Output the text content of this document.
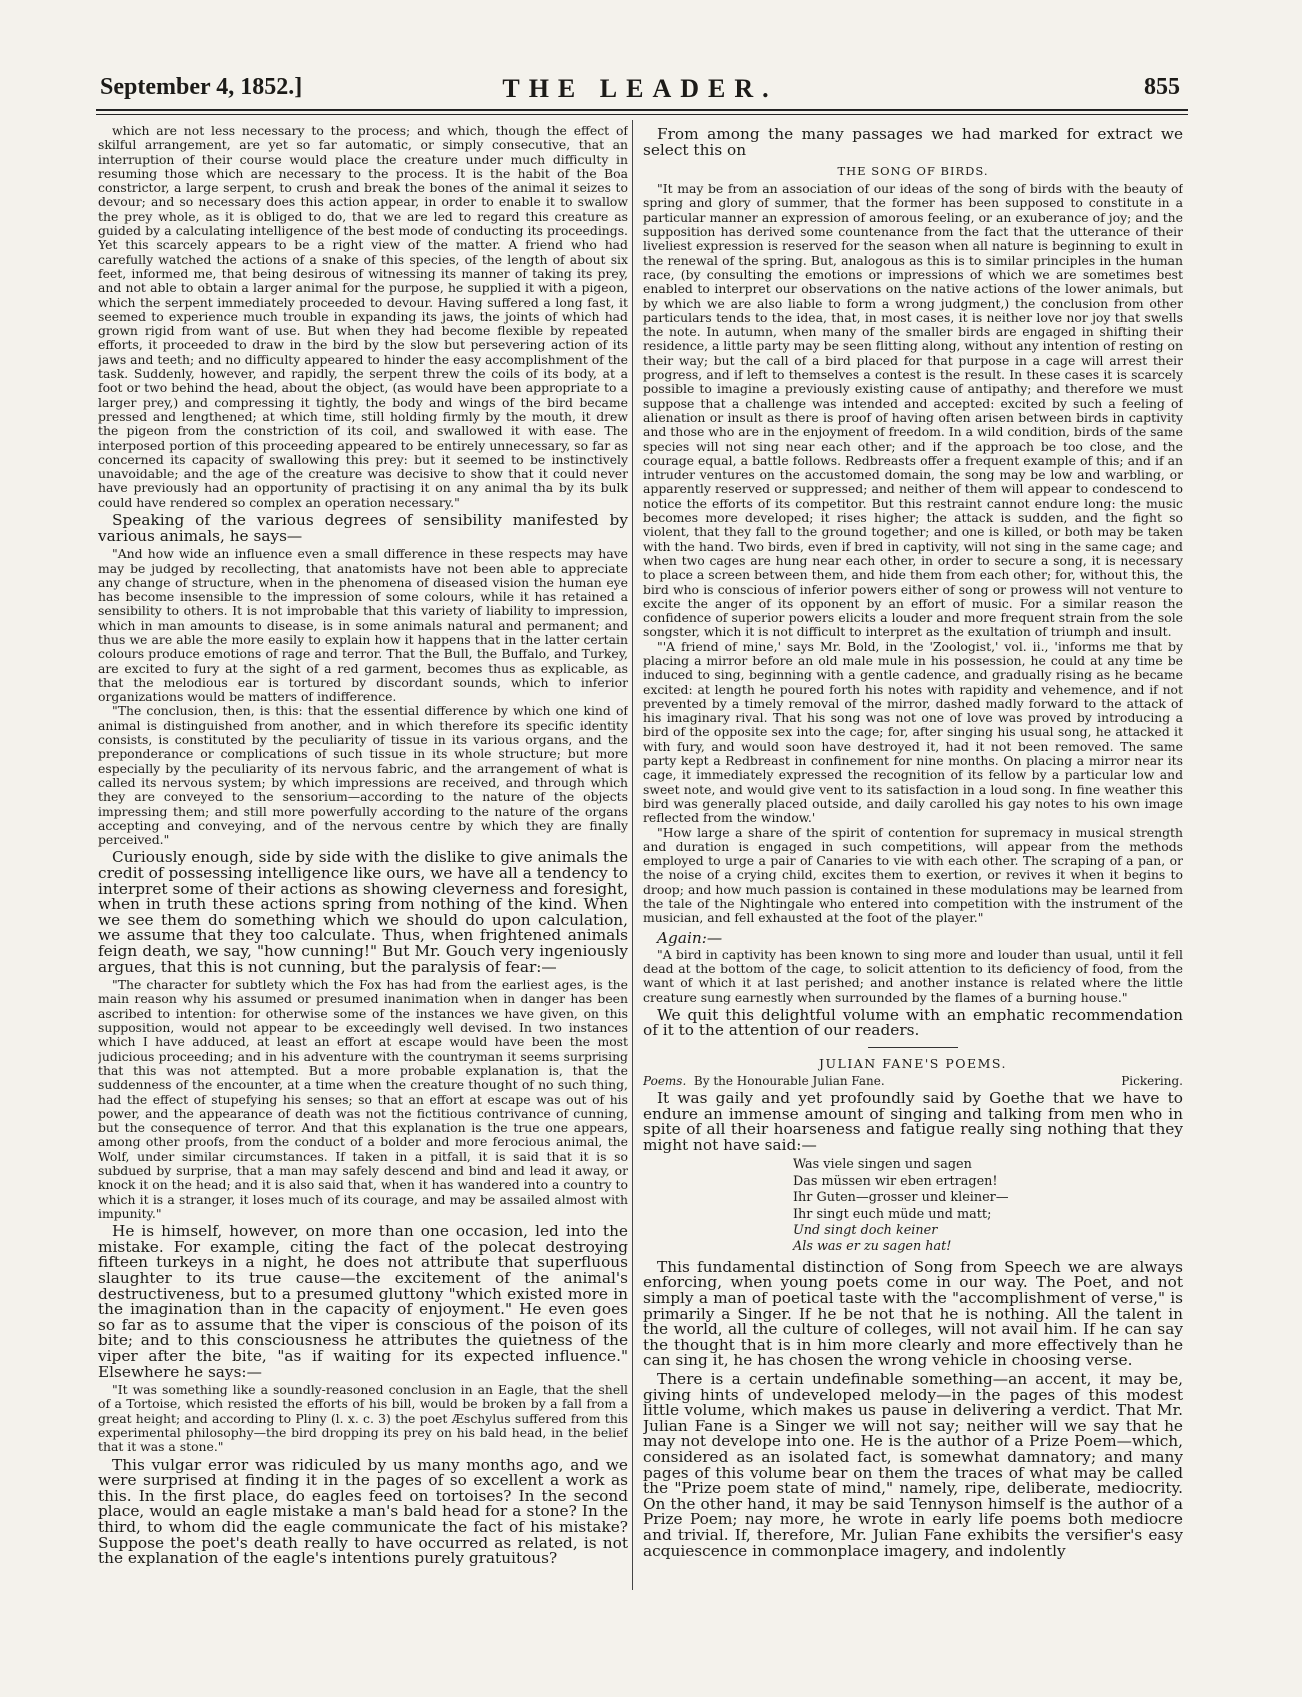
September 4, 1852.]	THE LEADER.	855

which are not less necessary to the process; and which, though the effect of skilful arrangement, are yet so far automatic, or simply consecutive, that an interruption of their course would place the creature under much difficulty in resuming those which are necessary to the process. It is the habit of the Boa constrictor, a large serpent, to crush and break the bones of the animal it seizes to devour; and so necessary does this action appear, in order to enable it to swallow the prey whole, as it is obliged to do, that we are led to regard this creature as guided by a calculating intelligence of the best mode of conducting its proceedings. Yet this scarcely appears to be a right view of the matter. A friend who had carefully watched the actions of a snake of this species, of the length of about six feet, informed me, that being desirous of witnessing its manner of taking its prey, and not able to obtain a larger animal for the purpose, he supplied it with a pigeon, which the serpent immediately proceeded to devour. Having suffered a long fast, it seemed to experience much trouble in expanding its jaws, the joints of which had grown rigid from want of use. But when they had become flexible by repeated efforts, it proceeded to draw in the bird by the slow but persevering action of its jaws and teeth; and no difficulty appeared to hinder the easy accomplishment of the task. Suddenly, however, and rapidly, the serpent threw the coils of its body, at a foot or two behind the head, about the object, (as would have been appropriate to a larger prey,) and compressing it tightly, the body and wings of the bird became pressed and lengthened; at which time, still holding firmly by the mouth, it drew the pigeon from the constriction of its coil, and swallowed it with ease. The interposed portion of this proceeding appeared to be entirely unnecessary, so far as concerned its capacity of swallowing this prey: but it seemed to be instinctively unavoidable; and the age of the creature was decisive to show that it could never have previously had an opportunity of practising it on any animal tha by its bulk could have rendered so complex an operation necessary."

Speaking of the various degrees of sensibility manifested by various animals, he says—

"And how wide an influence even a small difference in these respects may have may be judged by recollecting, that anatomists have not been able to appreciate any change of structure, when in the phenomena of diseased vision the human eye has become insensible to the impression of some colours, while it has retained a sensibility to others. It is not improbable that this variety of liability to impression, which in man amounts to disease, is in some animals natural and permanent; and thus we are able the more easily to explain how it happens that in the latter certain colours produce emotions of rage and terror. That the Bull, the Buffalo, and Turkey, are excited to fury at the sight of a red garment, becomes thus as explicable, as that the melodious ear is tortured by discordant sounds, which to inferior organizations would be matters of indifference.

"The conclusion, then, is this: that the essential difference by which one kind of animal is distinguished from another, and in which therefore its specific identity consists, is constituted by the peculiarity of tissue in its various organs, and the preponderance or complications of such tissue in its whole structure; but more especially by the peculiarity of its nervous fabric, and the arrangement of what is called its nervous system; by which impressions are received, and through which they are conveyed to the sensorium—according to the nature of the objects impressing them; and still more powerfully according to the nature of the organs accepting and conveying, and of the nervous centre by which they are finally perceived."

Curiously enough, side by side with the dislike to give animals the credit of possessing intelligence like ours, we have all a tendency to interpret some of their actions as showing cleverness and foresight, when in truth these actions spring from nothing of the kind. When we see them do something which we should do upon calculation, we assume that they too calculate. Thus, when frightened animals feign death, we say, "how cunning!" But Mr. Gouch very ingeniously argues, that this is not cunning, but the paralysis of fear:—

"The character for subtlety which the Fox has had from the earliest ages, is the main reason why his assumed or presumed inanimation when in danger has been ascribed to intention: for otherwise some of the instances we have given, on this supposition, would not appear to be exceedingly well devised. In two instances which I have adduced, at least an effort at escape would have been the most judicious proceeding; and in his adventure with the countryman it seems surprising that this was not attempted. But a more probable explanation is, that the suddenness of the encounter, at a time when the creature thought of no such thing, had the effect of stupefying his senses; so that an effort at escape was out of his power, and the appearance of death was not the fictitious contrivance of cunning, but the consequence of terror. And that this explanation is the true one appears, among other proofs, from the conduct of a bolder and more ferocious animal, the Wolf, under similar circumstances. If taken in a pitfall, it is said that it is so subdued by surprise, that a man may safely descend and bind and lead it away, or knock it on the head; and it is also said that, when it has wandered into a country to which it is a stranger, it loses much of its courage, and may be assailed almost with impunity."

He is himself, however, on more than one occasion, led into the mistake. For example, citing the fact of the polecat destroying fifteen turkeys in a night, he does not attribute that superfluous slaughter to its true cause—the excitement of the animal's destructiveness, but to a presumed gluttony "which existed more in the imagination than in the capacity of enjoyment." He even goes so far as to assume that the viper is conscious of the poison of its bite; and to this consciousness he attributes the quietness of the viper after the bite, "as if waiting for its expected influence." Elsewhere he says:—

"It was something like a soundly-reasoned conclusion in an Eagle, that the shell of a Tortoise, which resisted the efforts of his bill, would be broken by a fall from a great height; and according to Pliny (l. x. c. 3) the poet Æschylus suffered from this experimental philosophy—the bird dropping its prey on his bald head, in the belief that it was a stone."

This vulgar error was ridiculed by us many months ago, and we were surprised at finding it in the pages of so excellent a work as this. In the first place, do eagles feed on tortoises? In the second place, would an eagle mistake a man's bald head for a stone? In the third, to whom did the eagle communicate the fact of his mistake? Suppose the poet's death really to have occurred as related, is not the explanation of the eagle's intentions purely gratuitous?

From among the many passages we had marked for extract we select this on

THE SONG OF BIRDS.

"It may be from an association of our ideas of the song of birds with the beauty of spring and glory of summer, that the former has been supposed to constitute in a particular manner an expression of amorous feeling, or an exuberance of joy; and the supposition has derived some countenance from the fact that the utterance of their liveliest expression is reserved for the season when all nature is beginning to exult in the renewal of the spring. But, analogous as this is to similar principles in the human race, (by consulting the emotions or impressions of which we are sometimes best enabled to interpret our observations on the native actions of the lower animals, but by which we are also liable to form a wrong judgment,) the conclusion from other particulars tends to the idea, that, in most cases, it is neither love nor joy that swells the note. In autumn, when many of the smaller birds are engaged in shifting their residence, a little party may be seen flitting along, without any intention of resting on their way; but the call of a bird placed for that purpose in a cage will arrest their progress, and if left to themselves a contest is the result. In these cases it is scarcely possible to imagine a previously existing cause of antipathy; and therefore we must suppose that a challenge was intended and accepted: excited by such a feeling of alienation or insult as there is proof of having often arisen between birds in captivity and those who are in the enjoyment of freedom. In a wild condition, birds of the same species will not sing near each other; and if the approach be too close, and the courage equal, a battle follows. Redbreasts offer a frequent example of this; and if an intruder ventures on the accustomed domain, the song may be low and warbling, or apparently reserved or suppressed; and neither of them will appear to condescend to notice the efforts of its competitor. But this restraint cannot endure long: the music becomes more developed; it rises higher; the attack is sudden, and the fight so violent, that they fall to the ground together; and one is killed, or both may be taken with the hand. Two birds, even if bred in captivity, will not sing in the same cage; and when two cages are hung near each other, in order to secure a song, it is necessary to place a screen between them, and hide them from each other; for, without this, the bird who is conscious of inferior powers either of song or prowess will not venture to excite the anger of its opponent by an effort of music. For a similar reason the confidence of superior powers elicits a louder and more frequent strain from the sole songster, which it is not difficult to interpret as the exultation of triumph and insult.

"'A friend of mine,' says Mr. Bold, in the 'Zoologist,' vol. ii., 'informs me that by placing a mirror before an old male mule in his possession, he could at any time be induced to sing, beginning with a gentle cadence, and gradually rising as he became excited: at length he poured forth his notes with rapidity and vehemence, and if not prevented by a timely removal of the mirror, dashed madly forward to the attack of his imaginary rival. That his song was not one of love was proved by introducing a bird of the opposite sex into the cage; for, after singing his usual song, he attacked it with fury, and would soon have destroyed it, had it not been removed. The same party kept a Redbreast in confinement for nine months. On placing a mirror near its cage, it immediately expressed the recognition of its fellow by a particular low and sweet note, and would give vent to its satisfaction in a loud song. In fine weather this bird was generally placed outside, and daily carolled his gay notes to his own image reflected from the window.'

"How large a share of the spirit of contention for supremacy in musical strength and duration is engaged in such competitions, will appear from the methods employed to urge a pair of Canaries to vie with each other. The scraping of a pan, or the noise of a crying child, excites them to exertion, or revives it when it begins to droop; and how much passion is contained in these modulations may be learned from the tale of the Nightingale who entered into competition with the instrument of the musician, and fell exhausted at the foot of the player."

Again:—

"A bird in captivity has been known to sing more and louder than usual, until it fell dead at the bottom of the cage, to solicit attention to its deficiency of food, from the want of which it at last perished; and another instance is related where the little creature sung earnestly when surrounded by the flames of a burning house."

We quit this delightful volume with an emphatic recommendation of it to the attention of our readers.

JULIAN FANE'S POEMS.
Poems. By the Honourable Julian Fane.	Pickering.

It was gaily and yet profoundly said by Goethe that we have to endure an immense amount of singing and talking from men who in spite of all their hoarseness and fatigue really sing nothing that they might not have said:—

Was viele singen und sagen
Das müssen wir eben ertragen!
Ihr Guten—grosser und kleiner—
Ihr singt euch müde und matt;
Und singt doch keiner
Als was er zu sagen hat!

This fundamental distinction of Song from Speech we are always enforcing, when young poets come in our way. The Poet, and not simply a man of poetical taste with the "accomplishment of verse," is primarily a Singer. If he be not that he is nothing. All the talent in the world, all the culture of colleges, will not avail him. If he can say the thought that is in him more clearly and more effectively than he can sing it, he has chosen the wrong vehicle in choosing verse.

There is a certain undefinable something—an accent, it may be, giving hints of undeveloped melody—in the pages of this modest little volume, which makes us pause in delivering a verdict. That Mr. Julian Fane is a Singer we will not say; neither will we say that he may not develope into one. He is the author of a Prize Poem—which, considered as an isolated fact, is somewhat damnatory; and many pages of this volume bear on them the traces of what may be called the "Prize poem state of mind," namely, ripe, deliberate, mediocrity. On the other hand, it may be said Tennyson himself is the author of a Prize Poem; nay more, he wrote in early life poems both mediocre and trivial. If, therefore, Mr. Julian Fane exhibits the versifier's easy acquiescence in commonplace imagery, and indolently
